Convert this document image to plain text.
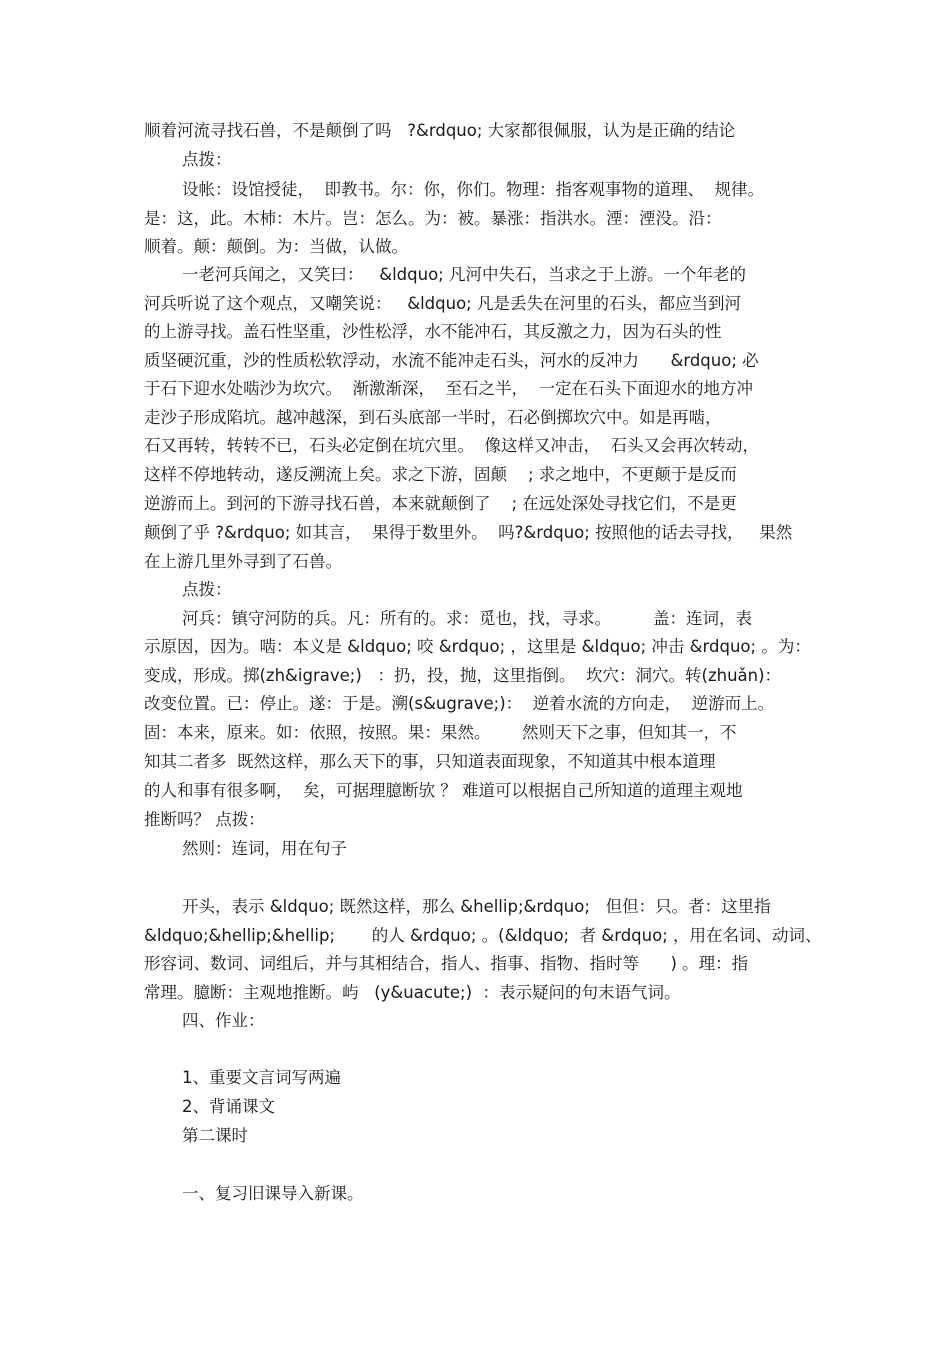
顺着河流寻找石兽，不是颠倒了吗   ?&rdquo; 大家都很佩服，认为是正确的结论
点拨：
设帐：设馆授徒，  即教书。尔：你，你们。物理：指客观事物的道理、  规律。
是：这，此。木杮：木片。岂：怎么。为：被。暴涨：指洪水。湮：湮没。沿：
顺着。颠：颠倒。为：当做，认做。
一老河兵闻之，又笑曰：   &ldquo; 凡河中失石，当求之于上游。一个年老的
河兵听说了这个观点，又嘲笑说：   &ldquo; 凡是丢失在河里的石头，都应当到河
的上游寻找。盖石性坚重，沙性松浮，水不能冲石，其反激之力，因为石头的性
质坚硬沉重，沙的性质松软浮动，水流不能冲走石头，河水的反冲力      &rdquo; 必
于石下迎水处啮沙为坎穴。  渐激渐深，  至石之半，  一定在石头下面迎水的地方冲
走沙子形成陷坑。越冲越深，到石头底部一半时，石必倒掷坎穴中。如是再啮，
石又再转，转转不已，石头必定倒在坑穴里。  像这样又冲击，  石头又会再次转动，
这样不停地转动，遂反溯流上矣。求之下游，固颠    ; 求之地中，不更颠于是反而
逆游而上。到河的下游寻找石兽，本来就颠倒了    ; 在远处深处寻找它们，不是更
颠倒了乎 ?&rdquo; 如其言，  果得于数里外。  吗?&rdquo; 按照他的话去寻找，   果然
在上游几里外寻到了石兽。
点拨：
河兵：镇守河防的兵。凡：所有的。求：觅也，找，寻求。        盖：连词，表
示原因，因为。啮：本义是 &ldquo; 咬 &rdquo; ，这里是 &ldquo; 冲击 &rdquo; 。为：
变成，形成。掷(zh&igrave;)   ：扔，投，抛，这里指倒。  坎穴：洞穴。转(zhuǎn)：
改变位置。已：停止。遂：于是。溯(s&ugrave;)：  逆着水流的方向走，  逆游而上。
固：本来，原来。如：依照，按照。果：果然。      然则天下之事，但知其一，不
知其二者多  既然这样，那么天下的事，只知道表面现象，不知道其中根本道理
的人和事有很多啊，  矣，可据理臆断欤 ？ 难道可以根据自己所知道的道理主观地
推断吗？ 点拨：
然则：连词，用在句子
开头，表示 &ldquo; 既然这样，那么 &hellip;&rdquo;   但但：只。者：这里指
&ldquo;&hellip;&hellip;       的人 &rdquo; 。(&ldquo;  者 &rdquo; ，用在名词、动词、
形容词、数词、词组后，并与其相结合，指人、指事、指物、指时等      ) 。理：指
常理。臆断：主观地推断。屿   (y&uacute;)  ：表示疑问的句末语气词。
四、作业：
1、重要文言词写两遍
2、背诵课文
第二课时
一、复习旧课导入新课。
